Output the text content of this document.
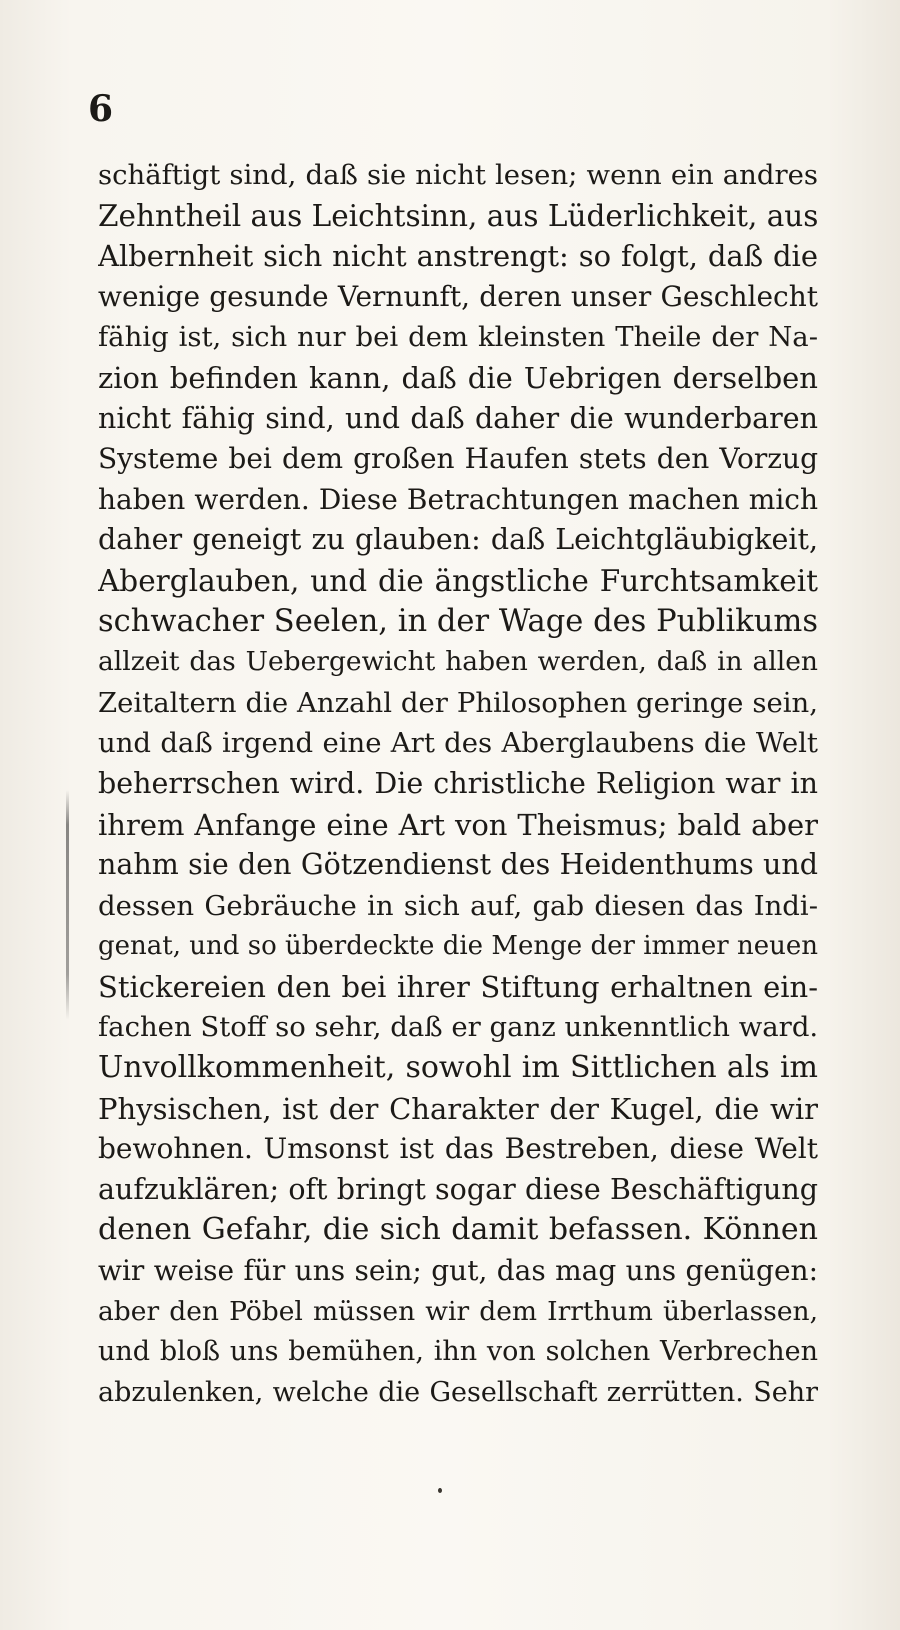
6
schäftigt sind, daß sie nicht lesen; wenn ein andres
Zehntheil aus Leichtsinn, aus Lüderlichkeit, aus
Albernheit sich nicht anstrengt: so folgt, daß die
wenige gesunde Vernunft, deren unser Geschlecht
fähig ist, sich nur bei dem kleinsten Theile der Na-
zion befinden kann, daß die Uebrigen derselben
nicht fähig sind, und daß daher die wunderbaren
Systeme bei dem großen Haufen stets den Vorzug
haben werden. Diese Betrachtungen machen mich
daher geneigt zu glauben: daß Leichtgläubigkeit,
Aberglauben, und die ängstliche Furchtsamkeit
schwacher Seelen, in der Wage des Publikums
allzeit das Uebergewicht haben werden, daß in allen
Zeitaltern die Anzahl der Philosophen geringe sein,
und daß irgend eine Art des Aberglaubens die Welt
beherrschen wird. Die christliche Religion war in
ihrem Anfange eine Art von Theismus; bald aber
nahm sie den Götzendienst des Heidenthums und
dessen Gebräuche in sich auf, gab diesen das Indi-
genat, und so überdeckte die Menge der immer neuen
Stickereien den bei ihrer Stiftung erhaltnen ein-
fachen Stoff so sehr, daß er ganz unkenntlich ward.
Unvollkommenheit, sowohl im Sittlichen als im
Physischen, ist der Charakter der Kugel, die wir
bewohnen. Umsonst ist das Bestreben, diese Welt
aufzuklären; oft bringt sogar diese Beschäftigung
denen Gefahr, die sich damit befassen. Können
wir weise für uns sein; gut, das mag uns genügen:
aber den Pöbel müssen wir dem Irrthum überlassen,
und bloß uns bemühen, ihn von solchen Verbrechen
abzulenken, welche die Gesellschaft zerrütten. Sehr
